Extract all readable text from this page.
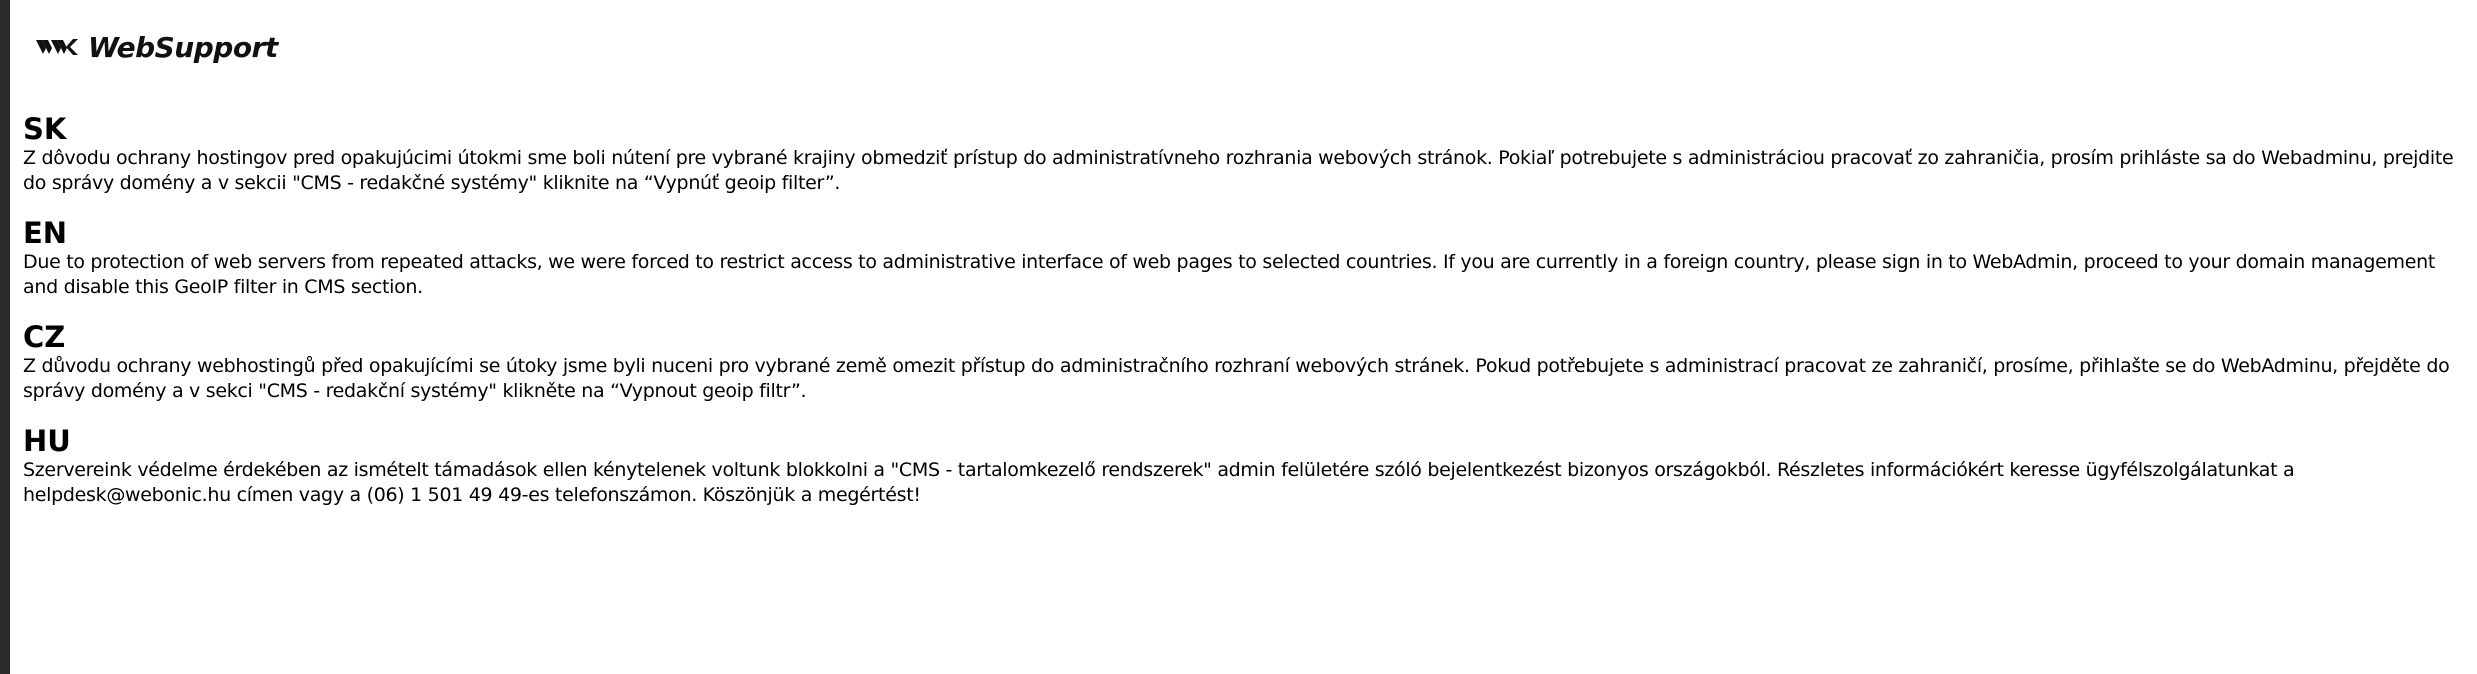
WebSupport
SK

Z dôvodu ochrany hostingov pred opakujúcimi útokmi sme boli nútení pre vybrané krajiny obmedziť prístup do administratívneho rozhrania webových stránok. Pokiaľ potrebujete s administráciou pracovať zo zahraničia, prosím prihláste sa do Webadminu, prejdite do správy domény a v sekcii "CMS - redakčné systémy" kliknite na “Vypnúť geoip filter”.

EN

Due to protection of web servers from repeated attacks, we were forced to restrict access to administrative interface of web pages to selected countries. If you are currently in a foreign country, please sign in to WebAdmin, proceed to your domain management and disable this GeoIP filter in CMS section.

CZ

Z důvodu ochrany webhostingů před opakujícími se útoky jsme byli nuceni pro vybrané země omezit přístup do administračního rozhraní webových stránek. Pokud potřebujete s administrací pracovat ze zahraničí, prosíme, přihlašte se do WebAdminu, přejděte do správy domény a v sekci "CMS - redakční systémy" klikněte na “Vypnout geoip filtr”.

HU

Szervereink védelme érdekében az ismételt támadások ellen kénytelenek voltunk blokkolni a "CMS - tartalomkezelő rendszerek" admin felületére szóló bejelentkezést bizonyos országokból. Részletes információkért keresse ügyfélszolgálatunkat a helpdesk@webonic.hu címen vagy a (06) 1 501 49 49-es telefonszámon. Köszönjük a megértést!
